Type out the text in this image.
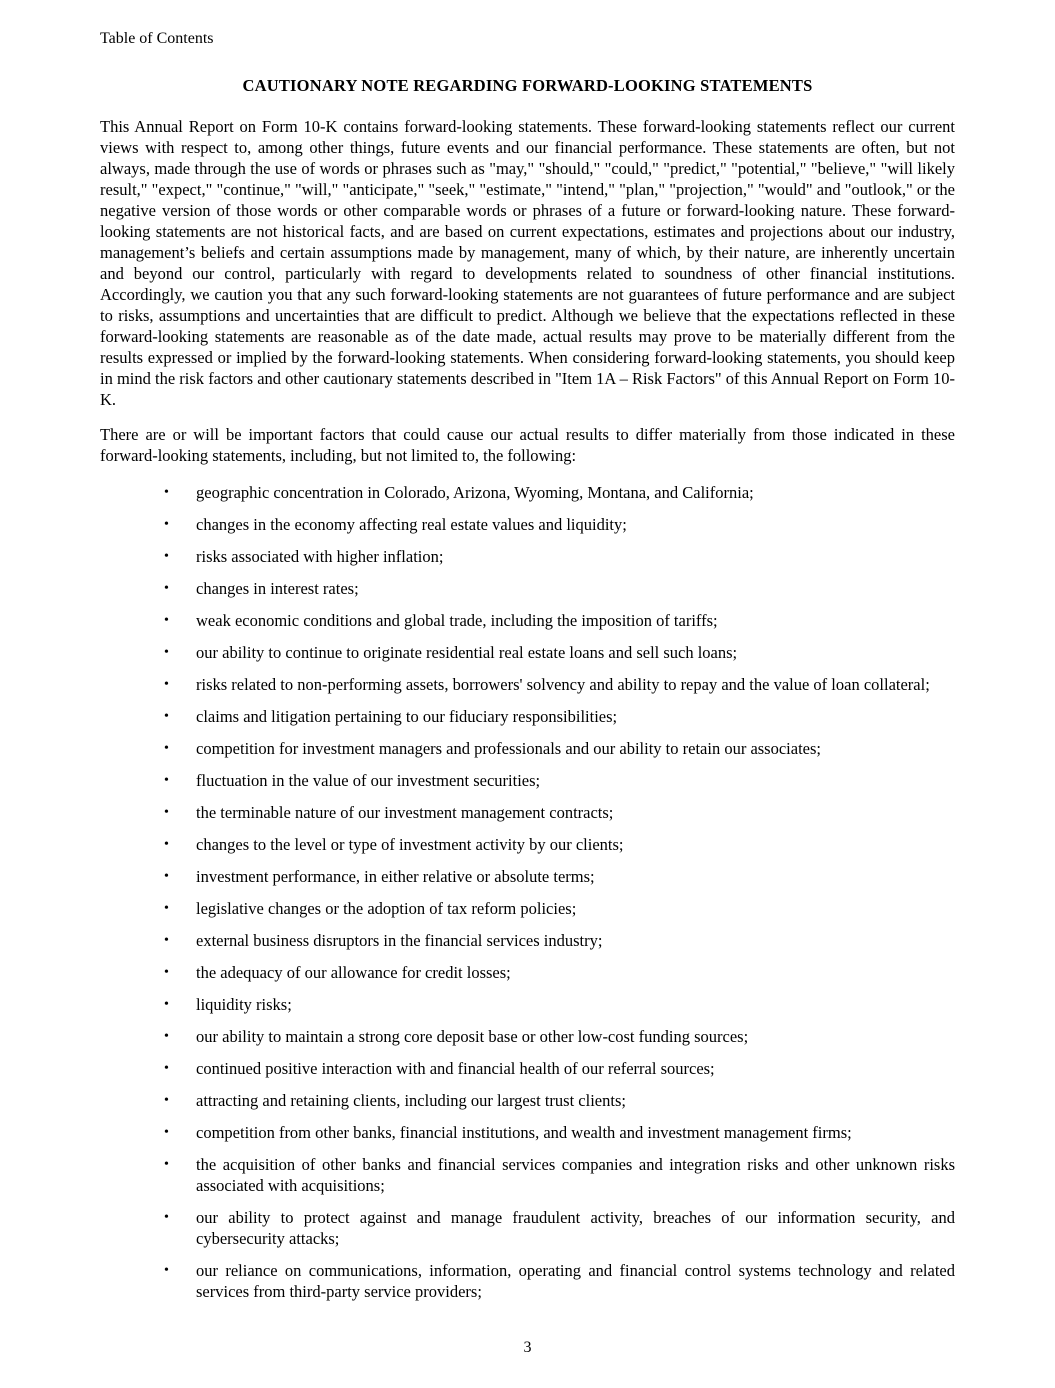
Table of Contents
CAUTIONARY NOTE REGARDING FORWARD-LOOKING STATEMENTS

This Annual Report on Form 10-K contains forward-looking statements. These forward-looking statements reflect our current views with respect to, among other things, future events and our financial performance. These statements are often, but not always, made through the use of words or phrases such as "may," "should," "could," "predict," "potential," "believe," "will likely result," "expect," "continue," "will," "anticipate," "seek," "estimate," "intend," "plan," "projection," "would" and "outlook," or the negative version of those words or other comparable words or phrases of a future or forward-looking nature. These forward-looking statements are not historical facts, and are based on current expectations, estimates and projections about our industry, management’s beliefs and certain assumptions made by management, many of which, by their nature, are inherently uncertain and beyond our control, particularly with regard to developments related to soundness of other financial institutions. Accordingly, we caution you that any such forward-looking statements are not guarantees of future performance and are subject to risks, assumptions and uncertainties that are difficult to predict. Although we believe that the expectations reflected in these forward-looking statements are reasonable as of the date made, actual results may prove to be materially different from the results expressed or implied by the forward-looking statements. When considering forward-looking statements, you should keep in mind the risk factors and other cautionary statements described in "Item 1A – Risk Factors" of this Annual Report on Form 10-K.

There are or will be important factors that could cause our actual results to differ materially from those indicated in these forward-looking statements, including, but not limited to, the following:

• geographic concentration in Colorado, Arizona, Wyoming, Montana, and California;
• changes in the economy affecting real estate values and liquidity;
• risks associated with higher inflation;
• changes in interest rates;
• weak economic conditions and global trade, including the imposition of tariffs;
• our ability to continue to originate residential real estate loans and sell such loans;
• risks related to non-performing assets, borrowers' solvency and ability to repay and the value of loan collateral;
• claims and litigation pertaining to our fiduciary responsibilities;
• competition for investment managers and professionals and our ability to retain our associates;
• fluctuation in the value of our investment securities;
• the terminable nature of our investment management contracts;
• changes to the level or type of investment activity by our clients;
• investment performance, in either relative or absolute terms;
• legislative changes or the adoption of tax reform policies;
• external business disruptors in the financial services industry;
• the adequacy of our allowance for credit losses;
• liquidity risks;
• our ability to maintain a strong core deposit base or other low-cost funding sources;
• continued positive interaction with and financial health of our referral sources;
• attracting and retaining clients, including our largest trust clients;
• competition from other banks, financial institutions, and wealth and investment management firms;
• the acquisition of other banks and financial services companies and integration risks and other unknown risks associated with acquisitions;
• our ability to protect against and manage fraudulent activity, breaches of our information security, and cybersecurity attacks;
• our reliance on communications, information, operating and financial control systems technology and related services from third-party service providers;
3
